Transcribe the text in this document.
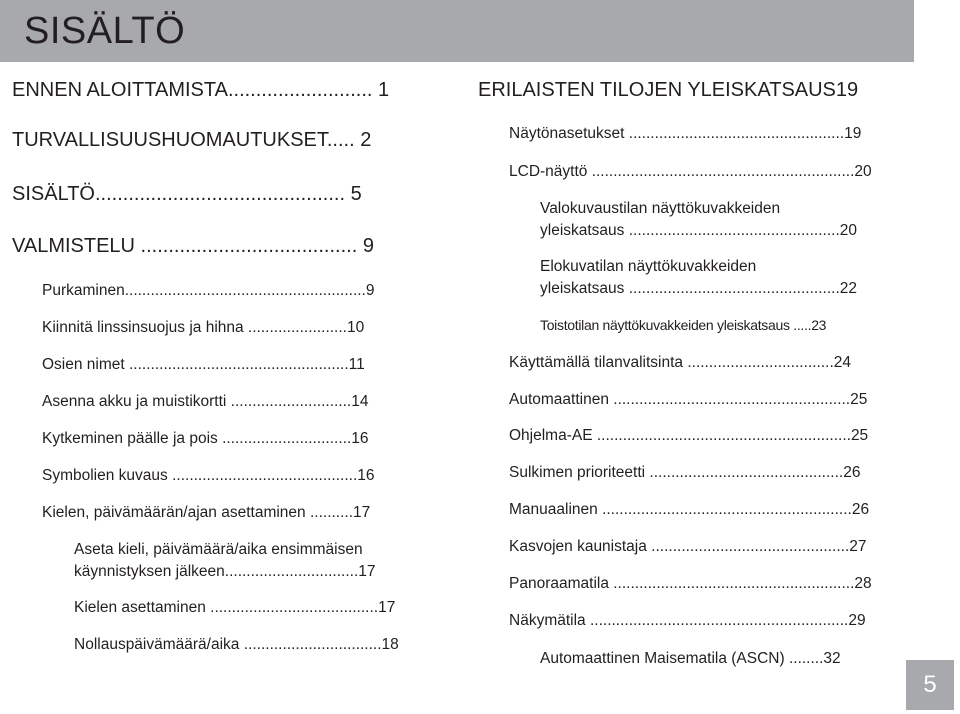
SISÄLTÖ
ENNEN ALOITTAMISTA.......................... 1
TURVALLISUUSHUOMAUTUKSET..... 2
SISÄLTÖ............................................. 5
VALMISTELU ....................................... 9
Purkaminen........................................................9
Kiinnitä linssinsuojus ja hihna .......................10
Osien nimet ...................................................11
Asenna akku ja muistikortti ............................14
Kytkeminen päälle ja pois ..............................16
Symbolien kuvaus ...........................................16
Kielen, päivämäärän/ajan asettaminen ..........17
Aseta kieli, päivämäärä/aika ensimmäisen
käynnistyksen jälkeen...............................17
Kielen asettaminen .......................................17
Nollauspäivämäärä/aika ................................18
ERILAISTEN TILOJEN YLEISKATSAUS19
Näytönasetukset ..................................................19
LCD-näyttö .............................................................20
Valokuvaustilan näyttökuvakkeiden
yleiskatsaus .................................................20
Elokuvatilan näyttökuvakkeiden
yleiskatsaus .................................................22
Toistotilan näyttökuvakkeiden yleiskatsaus .....23
Käyttämällä tilanvalitsinta ..................................24
Automaattinen .......................................................25
Ohjelma-AE ...........................................................25
Sulkimen prioriteetti .............................................26
Manuaalinen ..........................................................26
Kasvojen kaunistaja ..............................................27
Panoraamatila ........................................................28
Näkymätila ............................................................29
Automaattinen Maisematila (ASCN) ........32
5
